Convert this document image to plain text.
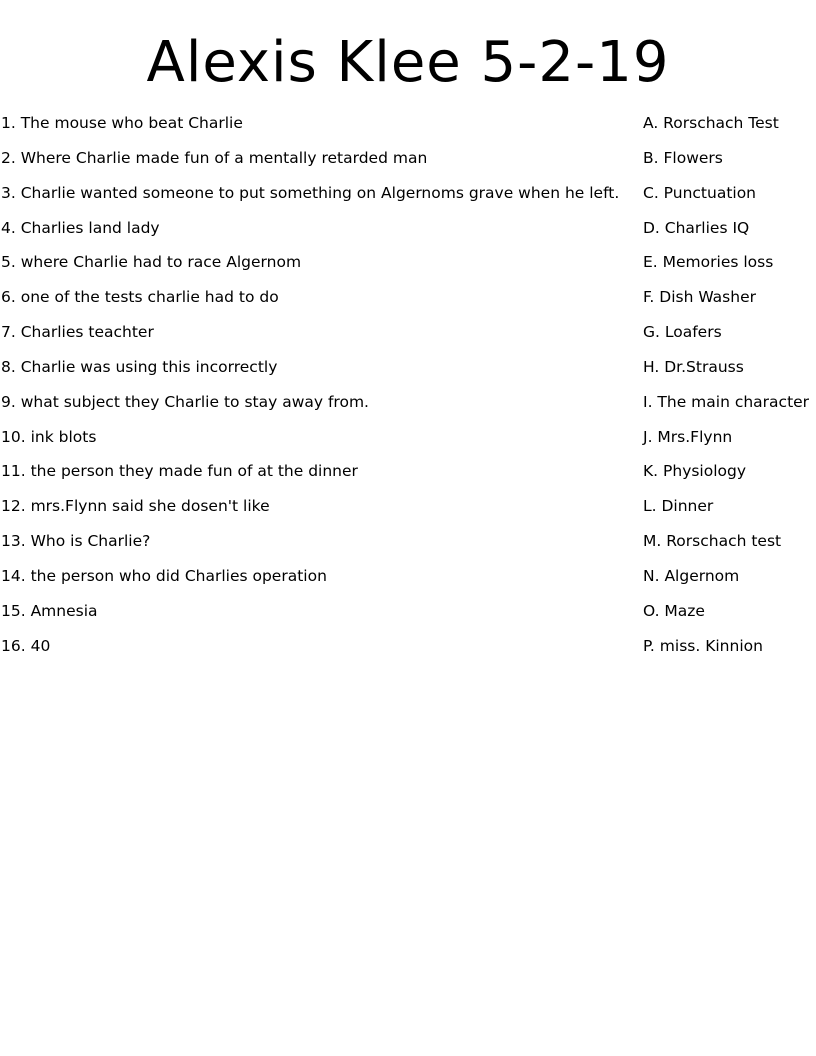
Alexis Klee 5-2-19
1. The mouse who beat Charlie	A. Rorschach Test
2. Where Charlie made fun of a mentally retarded man	B. Flowers
3. Charlie wanted someone to put something on Algernoms grave when he left. C. Punctuation
4. Charlies land lady	D. Charlies IQ
5. where Charlie had to race Algernom	E. Memories loss
6. one of the tests charlie had to do	F. Dish Washer
7. Charlies teachter	G. Loafers
8. Charlie was using this incorrectly	H. Dr.Strauss
9. what subject they Charlie to stay away from.	I. The main character
10. ink blots	J. Mrs.Flynn
11. the person they made fun of at the dinner	K. Physiology
12. mrs.Flynn said she dosen't like	L. Dinner
13. Who is Charlie?	M. Rorschach test
14. the person who did Charlies operation	N. Algernom
15. Amnesia	O. Maze
16. 40	P. miss. Kinnion
